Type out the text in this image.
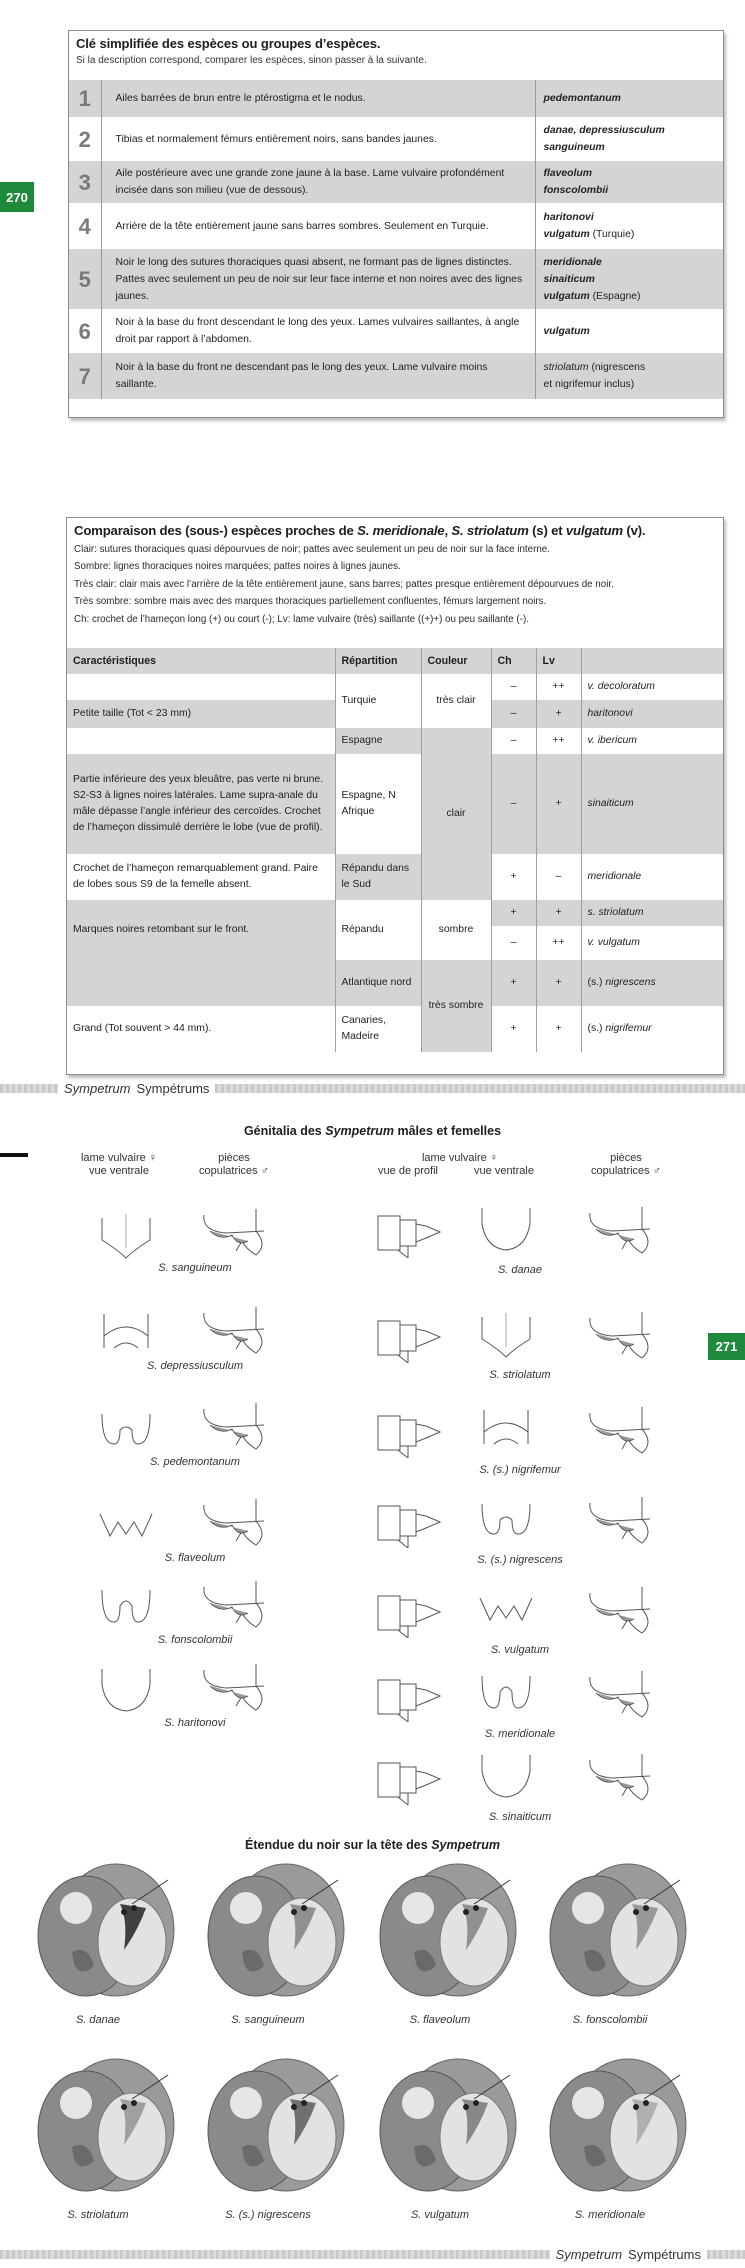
270
271
Clé simplifiée des espèces ou groupes d’espèces.
Si la description correspond, comparer les espèces, sinon passer à la suivante.
1	Ailes barrées de brun entre le ptérostigma et le nodus.	pedemontanum

2	Tibias et normalement fémurs entièrement noirs, sans bandes jaunes.	danae, depressiusculum
sanguineum

3	Aile postérieure avec une grande zone jaune à la base. Lame vulvaire profondément incisée dans son milieu (vue de dessous).	flaveolum
fonscolombii

4	Arrière de la tête entièrement jaune sans barres sombres. Seulement en Turquie.	haritonovi
vulgatum (Turquie)

5	Noir le long des sutures thoraciques quasi absent, ne formant pas de lignes distinctes. Pattes avec seulement un peu de noir sur leur face interne et non noires avec des lignes jaunes.	meridionale
sinaiticum
vulgatum (Espagne)

6	Noir à la base du front descendant le long des yeux. Lames vulvaires saillantes, à angle droit par rapport à l’abdomen.	vulgatum

7	Noir à la base du front ne descendant pas le long des yeux. Lame vulvaire moins saillante.	striolatum (nigrescens
et nigrifemur inclus)
Comparaison des (sous-) espèces proches de S. meridionale, S. striolatum (s) et vulgatum (v).
Clair: sutures thoraciques quasi dépourvues de noir; pattes avec seulement un peu de noir sur la face interne.
Sombre: lignes thoraciques noires marquées; pattes noires à lignes jaunes.
Très clair: clair mais avec l’arrière de la tête entièrement jaune, sans barres; pattes presque entièrement dépourvues de noir.
Très sombre: sombre mais avec des marques thoraciques partiellement confluentes, fémurs largement noirs.
Ch: crochet de l’hameçon long (+) ou court (-); Lv: lame vulvaire (très) saillante ((+)+) ou peu saillante (-).
Caractéristiques	Répartition	Couleur	Ch	Lv	
	Turquie	très clair	–	++	v. decoloratum
Petite taille (Tot < 23 mm)			–	+	haritonovi
	Espagne	clair	–	++	v. ibericum
Partie inférieure des yeux bleuâtre, pas verte ni brune. S2-S3 à lignes noires latérales. Lame supra-anale du mâle dépasse l’angle inférieur des cercoïdes. Crochet de l’hameçon dissimulé derrière le lobe (vue de profil).	Espagne, N Afrique		–	+	sinaiticum
Crochet de l’hameçon remarquablement grand. Paire de lobes sous S9 de la femelle absent.	Répandu dans le Sud		+	–	meridionale
Marques noires retombant sur le front.	Répandu	sombre	+	+	s. striolatum
			–	++	v. vulgatum
	Atlantique nord	très sombre	+	+	(s.) nigrescens
Grand (Tot souvent > 44 mm).	Canaries, Madeire		+	+	(s.) nigrifemur
Sympetrum Sympétrums
Génitalia des Sympetrum mâles et femelles
lame vulvaire ♀
vue ventrale
pièces
copulatrices ♂
lame vulvaire ♀
vue de profil	vue ventrale
pièces
copulatrices ♂
S. sanguineum
S. depressiusculum
S. pedemontanum
S. flaveolum
S. fonscolombii
S. haritonovi
S. danae
S. striolatum
S. (s.) nigrifemur
S. (s.) nigrescens
S. vulgatum
S. meridionale
S. sinaiticum
Étendue du noir sur la tête des Sympetrum
S. danae	S. sanguineum	S. flaveolum	S. fonscolombii
S. striolatum	S. (s.) nigrescens	S. vulgatum	S. meridionale
Sympetrum Sympétrums
